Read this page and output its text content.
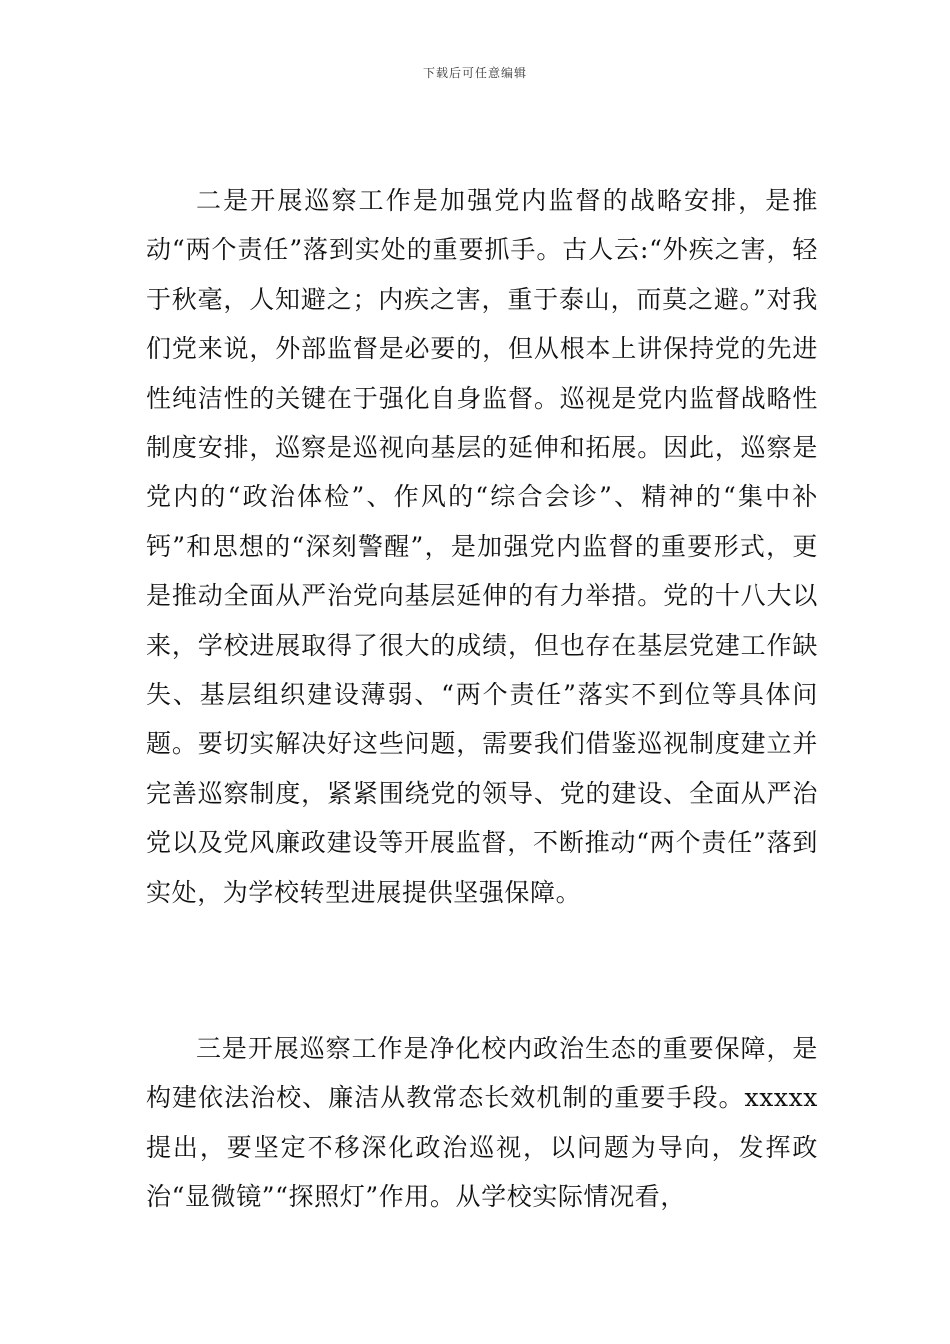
下载后可任意编辑

二是开展巡察工作是加强党内监督的战略安排，是推动“两个责任”落到实处的重要抓手。古人云:“外疾之害，轻于秋毫，人知避之；内疾之害，重于泰山，而莫之避。”对我们党来说，外部监督是必要的，但从根本上讲保持党的先进性纯洁性的关键在于强化自身监督。巡视是党内监督战略性制度安排，巡察是巡视向基层的延伸和拓展。因此，巡察是党内的“政治体检”、作风的“综合会诊”、精神的“集中补钙”和思想的“深刻警醒”，是加强党内监督的重要形式，更是推动全面从严治党向基层延伸的有力举措。党的十八大以来，学校进展取得了很大的成绩，但也存在基层党建工作缺失、基层组织建设薄弱、“两个责任”落实不到位等具体问题。要切实解决好这些问题，需要我们借鉴巡视制度建立并完善巡察制度，紧紧围绕党的领导、党的建设、全面从严治党以及党风廉政建设等开展监督，不断推动“两个责任”落到实处，为学校转型进展提供坚强保障。

三是开展巡察工作是净化校内政治生态的重要保障，是构建依法治校、廉洁从教常态长效机制的重要手段。xxxxx提出，要坚定不移深化政治巡视，以问题为导向，发挥政治“显微镜”“探照灯”作用。从学校实际情况看，
